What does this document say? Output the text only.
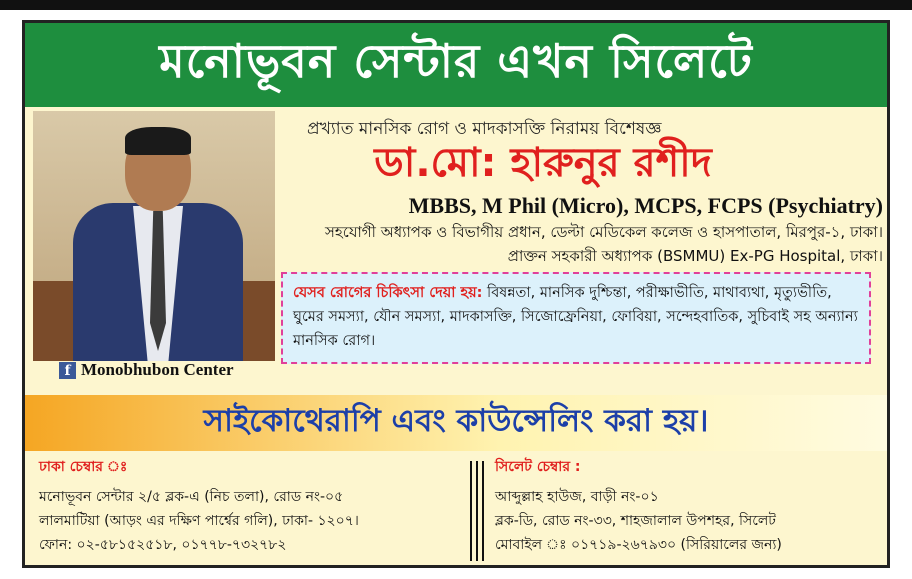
মনোভূবন সেন্টার এখন সিলেটে
f Monobhubon Center
প্রখ্যাত মানসিক রোগ ও মাদকাসক্তি নিরাময় বিশেষজ্ঞ
ডা.মো: হারুনুর রশীদ
MBBS, M Phil (Micro), MCPS, FCPS (Psychiatry)
সহযোগী অধ্যাপক ও বিভাগীয় প্রধান, ডেল্টা মেডিকেল কলেজ ও হাসপাতাল, মিরপুর-১, ঢাকা।
প্রাক্তন সহকারী অধ্যাপক (BSMMU) Ex-PG Hospital, ঢাকা।
যেসব রোগের চিকিৎসা দেয়া হয়: বিষন্নতা, মানসিক দুশ্চিন্তা, পরীক্ষাভীতি, মাথাব্যথা, মৃত্যুভীতি, ঘুমের সমস্যা, যৌন সমস্যা, মাদকাসক্তি, সিজোফ্রেনিয়া, ফোবিয়া, সন্দেহবাতিক, সুচিবাই সহ অন্যান্য মানসিক রোগ।
সাইকোথেরাপি এবং কাউন্সেলিং করা হয়।
ঢাকা চেম্বার ঃ
মনোভূবন সেন্টার ২/৫ ব্লক-এ (নিচ তলা), রোড নং-০৫
লালমাটিয়া (আড়ং এর দক্ষিণ পার্শ্বের গলি), ঢাকা- ১২০৭।
ফোন: ০২-৫৮১৫২৫১৮, ০১৭৭৮-৭৩২৭৮২
সিলেট চেম্বার :
আব্দুল্লাহ হাউজ, বাড়ী নং-০১
ব্লক-ডি, রোড নং-৩৩, শাহজালাল উপশহর, সিলেট
মোবাইল ঃ ০১৭১৯-২৬৭৯৩০ (সিরিয়ালের জন্য)
